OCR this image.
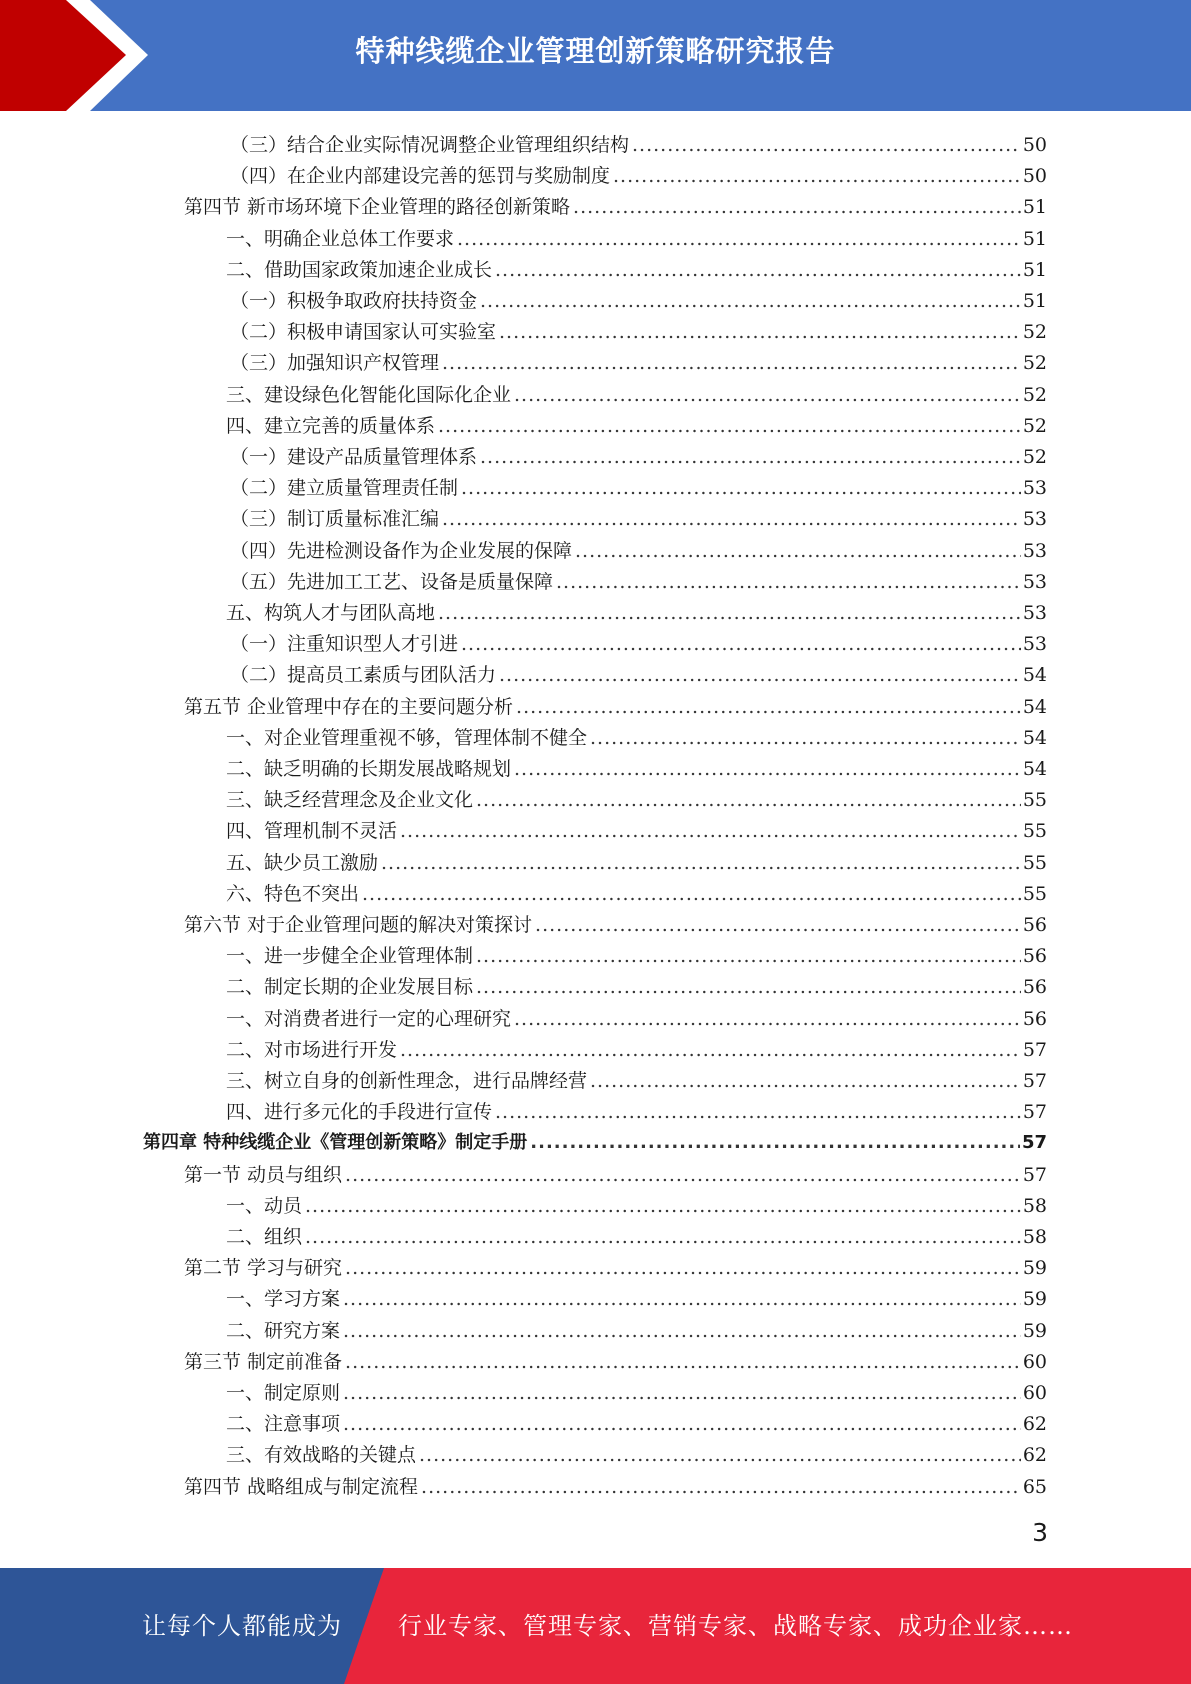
特种线缆企业管理创新策略研究报告
（三）结合企业实际情况调整企业管理组织结构 .....	50
（四）在企业内部建设完善的惩罚与奖励制度 .....	50
第四节 新市场环境下企业管理的路径创新策略 .....	51
一、明确企业总体工作要求 .....	51
二、借助国家政策加速企业成长 .....	51
（一）积极争取政府扶持资金 .....	51
（二）积极申请国家认可实验室 .....	52
（三）加强知识产权管理 .....	52
三、建设绿色化智能化国际化企业 .....	52
四、建立完善的质量体系 .....	52
（一）建设产品质量管理体系 .....	52
（二）建立质量管理责任制 .....	53
（三）制订质量标准汇编 .....	53
（四）先进检测设备作为企业发展的保障 .....	53
（五）先进加工工艺、设备是质量保障 .....	53
五、构筑人才与团队高地 .....	53
（一）注重知识型人才引进 .....	53
（二）提高员工素质与团队活力 .....	54
第五节 企业管理中存在的主要问题分析 .....	54
一、对企业管理重视不够，管理体制不健全 .....	54
二、缺乏明确的长期发展战略规划 .....	54
三、缺乏经营理念及企业文化 .....	55
四、管理机制不灵活 .....	55
五、缺少员工激励 .....	55
六、特色不突出 .....	55
第六节 对于企业管理问题的解决对策探讨 .....	56
一、进一步健全企业管理体制 .....	56
二、制定长期的企业发展目标 .....	56
一、对消费者进行一定的心理研究 .....	56
二、对市场进行开发 .....	57
三、树立自身的创新性理念，进行品牌经营 .....	57
四、进行多元化的手段进行宣传 .....	57
第四章 特种线缆企业《管理创新策略》制定手册 .....	57
第一节 动员与组织 .....	57
一、动员 .....	58
二、组织 .....	58
第二节 学习与研究 .....	59
一、学习方案 .....	59
二、研究方案 .....	59
第三节 制定前准备 .....	60
一、制定原则 .....	60
二、注意事项 .....	62
三、有效战略的关键点 .....	62
第四节 战略组成与制定流程 .....	65
3
让每个人都能成为 行业专家、管理专家、营销专家、战略专家、成功企业家……
